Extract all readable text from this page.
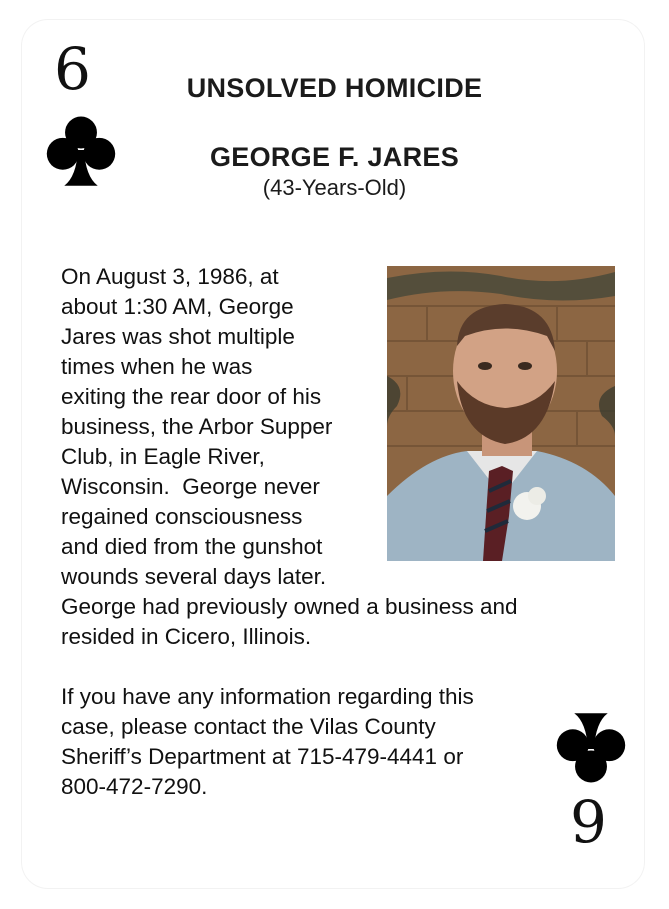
6
9
UNSOLVED HOMICIDE
GEORGE F. JARES
(43-Years-Old)
On August 3, 1986, at
about 1:30 AM, George
Jares was shot multiple
times when he was
exiting the rear door of his
business, the Arbor Supper
Club, in Eagle River,
Wisconsin.  George never
regained consciousness
and died from the gunshot
wounds several days later.
George had previously owned a business and
resided in Cicero, Illinois.
If you have any information regarding this
case, please contact the Vilas County
Sheriff’s Department at 715-479-4441 or
800-472-7290.
